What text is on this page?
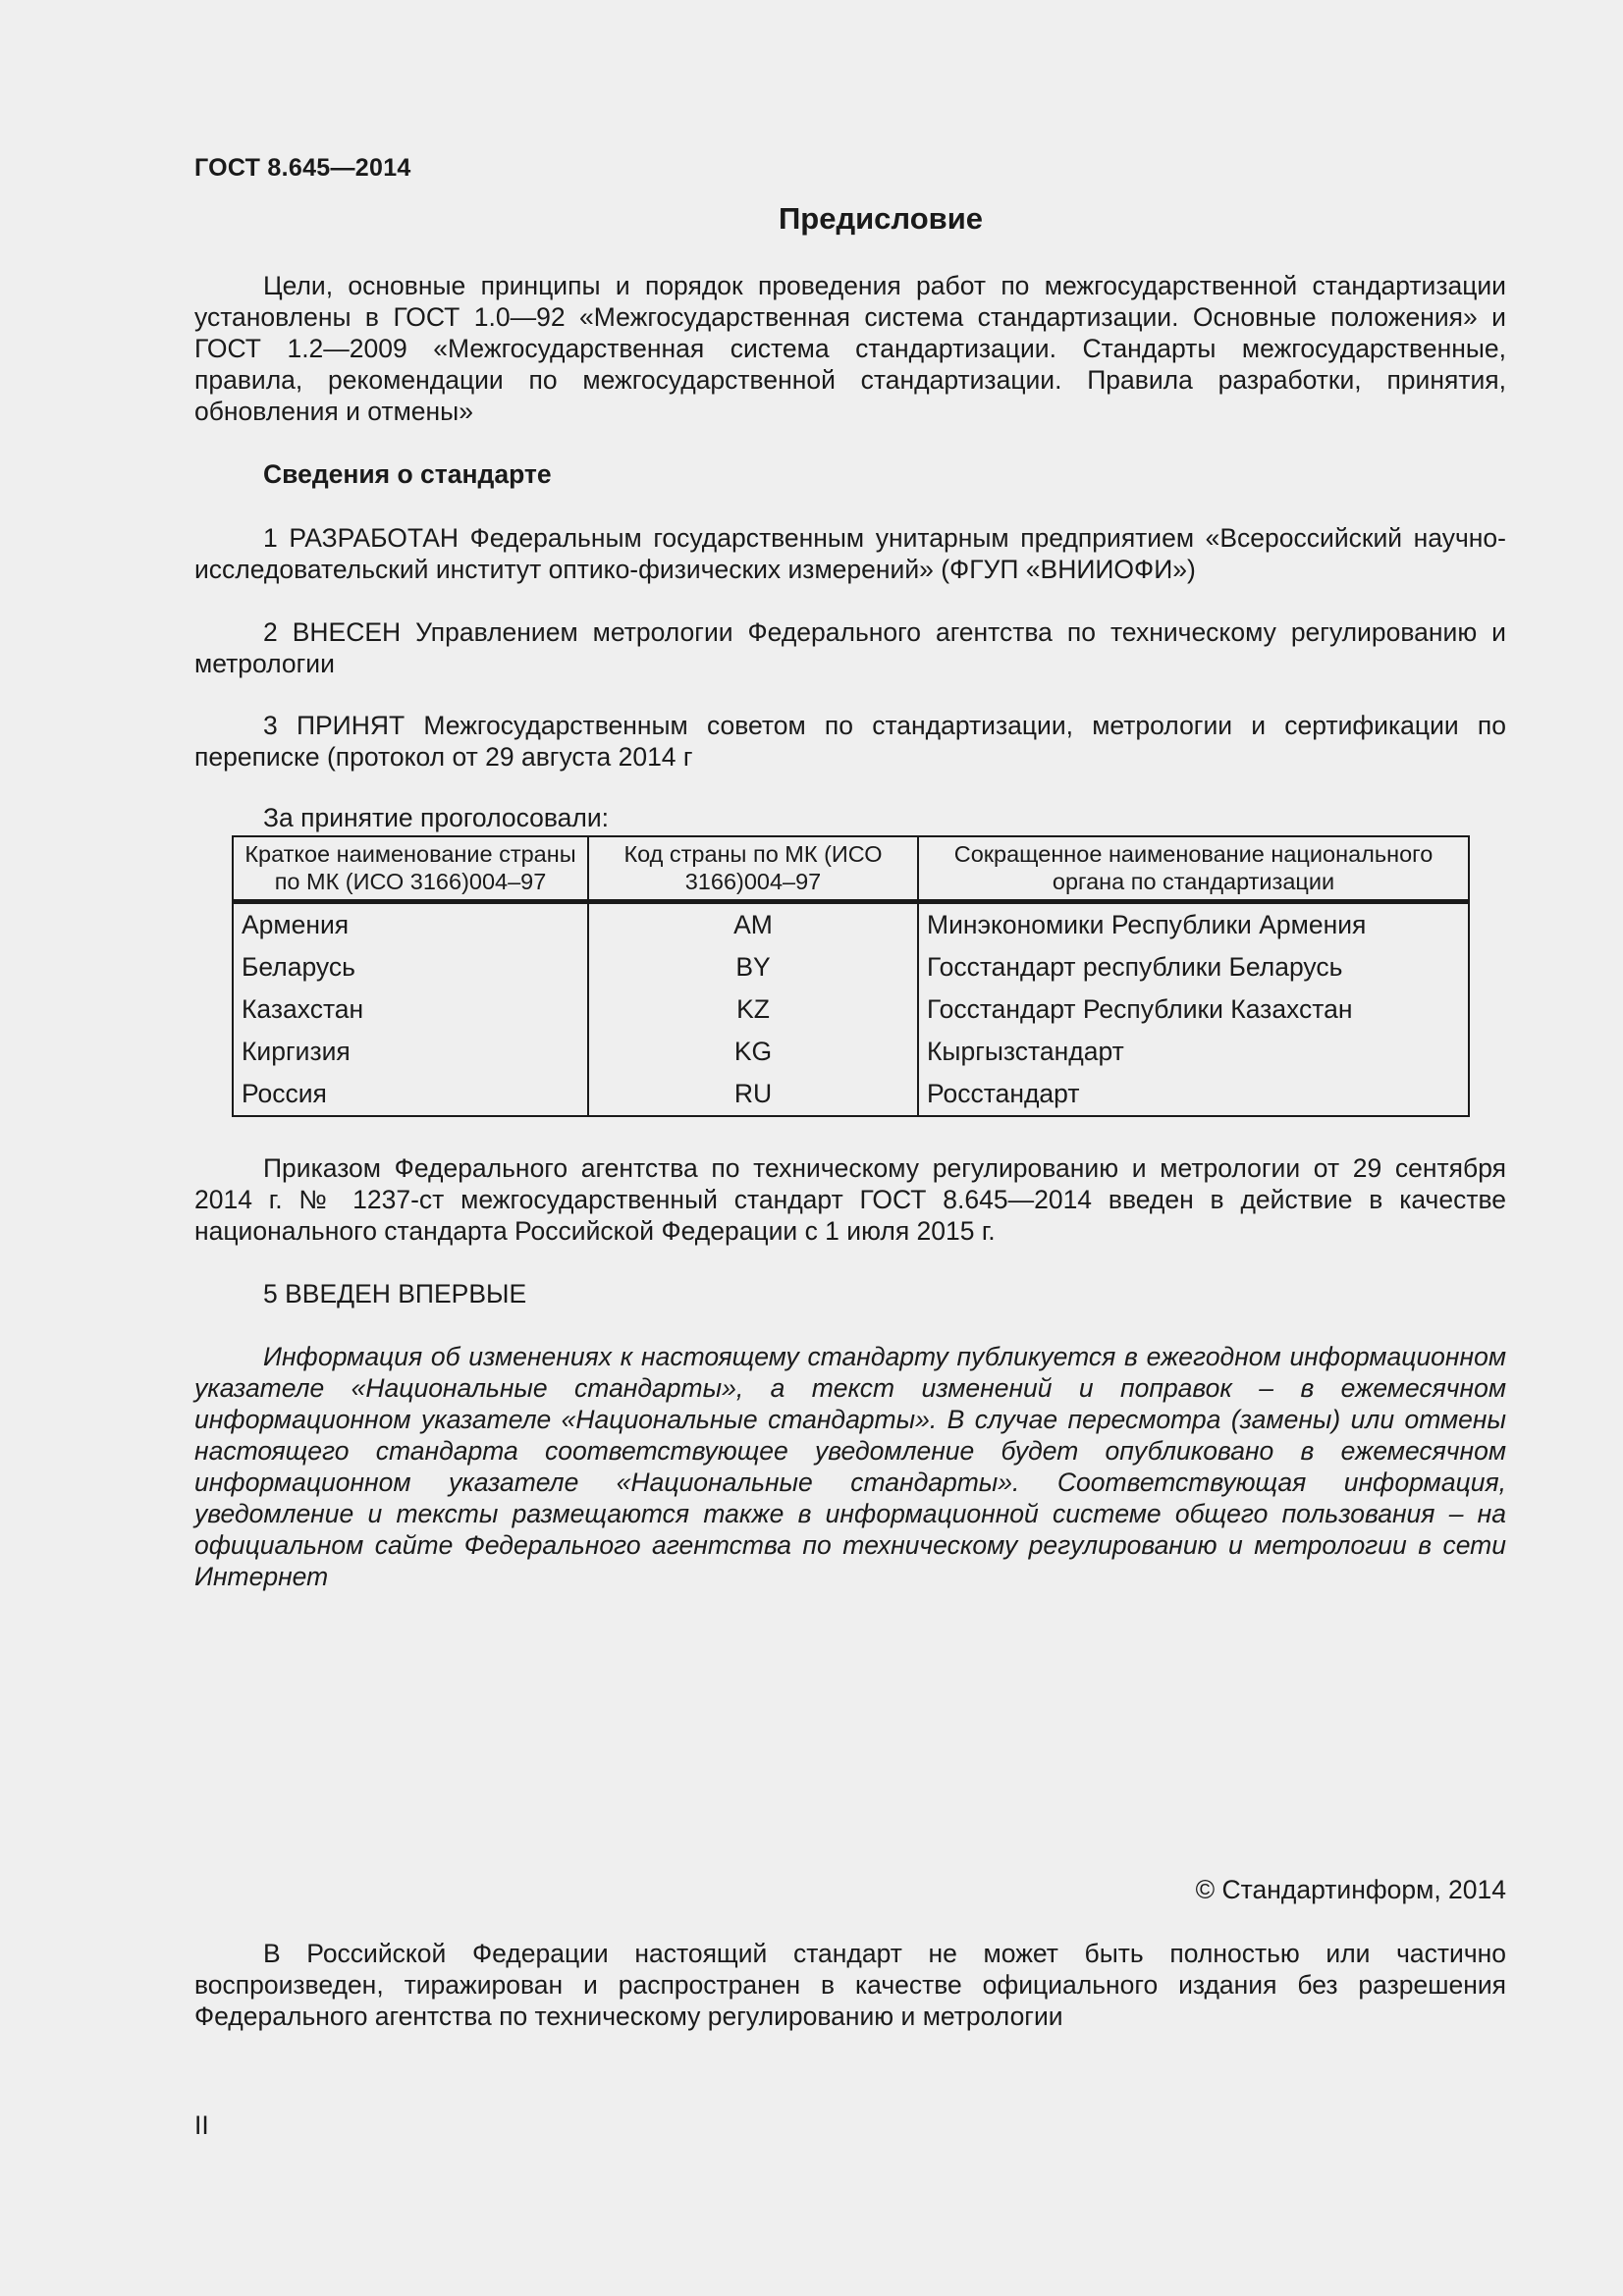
ГОСТ 8.645—2014
Предисловие

Цели, основные принципы и порядок проведения работ по межгосударственной стандартизации установлены в ГОСТ 1.0—92 «Межгосударственная система стандартизации. Основные положения» и ГОСТ 1.2—2009 «Межгосударственная система стандартизации. Стандарты межгосударственные, правила, рекомендации по межгосударственной стандартизации. Правила разработки, принятия, обновления и отмены»

Сведения о стандарте

1 РАЗРАБОТАН Федеральным государственным унитарным предприятием «Всероссийский научно-исследовательский институт оптико-физических измерений» (ФГУП «ВНИИОФИ»)

2 ВНЕСЕН Управлением метрологии Федерального агентства по техническому регулированию и метрологии

3 ПРИНЯТ Межгосударственным советом по стандартизации, метрологии и сертификации по переписке (протокол от 29 августа 2014 г

За принятие проголосовали:
Краткое наименование страны по МК (ИСО 3166)004–97	Код страны по МК (ИСО 3166)004–97	Сокращенное наименование национального органа по стандартизации
Армения	AM	Минэкономики Республики Армения
Беларусь	BY	Госстандарт республики Беларусь
Казахстан	KZ	Госстандарт Республики Казахстан
Киргизия	KG	Кыргызстандарт
Россия	RU	Росстандарт

Приказом Федерального агентства по техническому регулированию и метрологии от 29 сентября 2014 г. № 1237-ст межгосударственный стандарт ГОСТ 8.645—2014 введен в действие в качестве национального стандарта Российской Федерации с 1 июля 2015 г.

5 ВВЕДЕН ВПЕРВЫЕ

Информация об изменениях к настоящему стандарту публикуется в ежегодном информационном указателе «Национальные стандарты», а текст изменений и поправок – в ежемесячном информационном указателе «Национальные стандарты». В случае пересмотра (замены) или отмены настоящего стандарта соответствующее уведомление будет опубликовано в ежемесячном информационном указателе «Национальные стандарты». Соответствующая информация, уведомление и тексты размещаются также в информационной системе общего пользования – на официальном сайте Федерального агентства по техническому регулированию и метрологии в сети Интернет

© Стандартинформ, 2014

В Российской Федерации настоящий стандарт не может быть полностью или частично воспроизведен, тиражирован и распространен в качестве официального издания без разрешения Федерального агентства по техническому регулированию и метрологии

II
